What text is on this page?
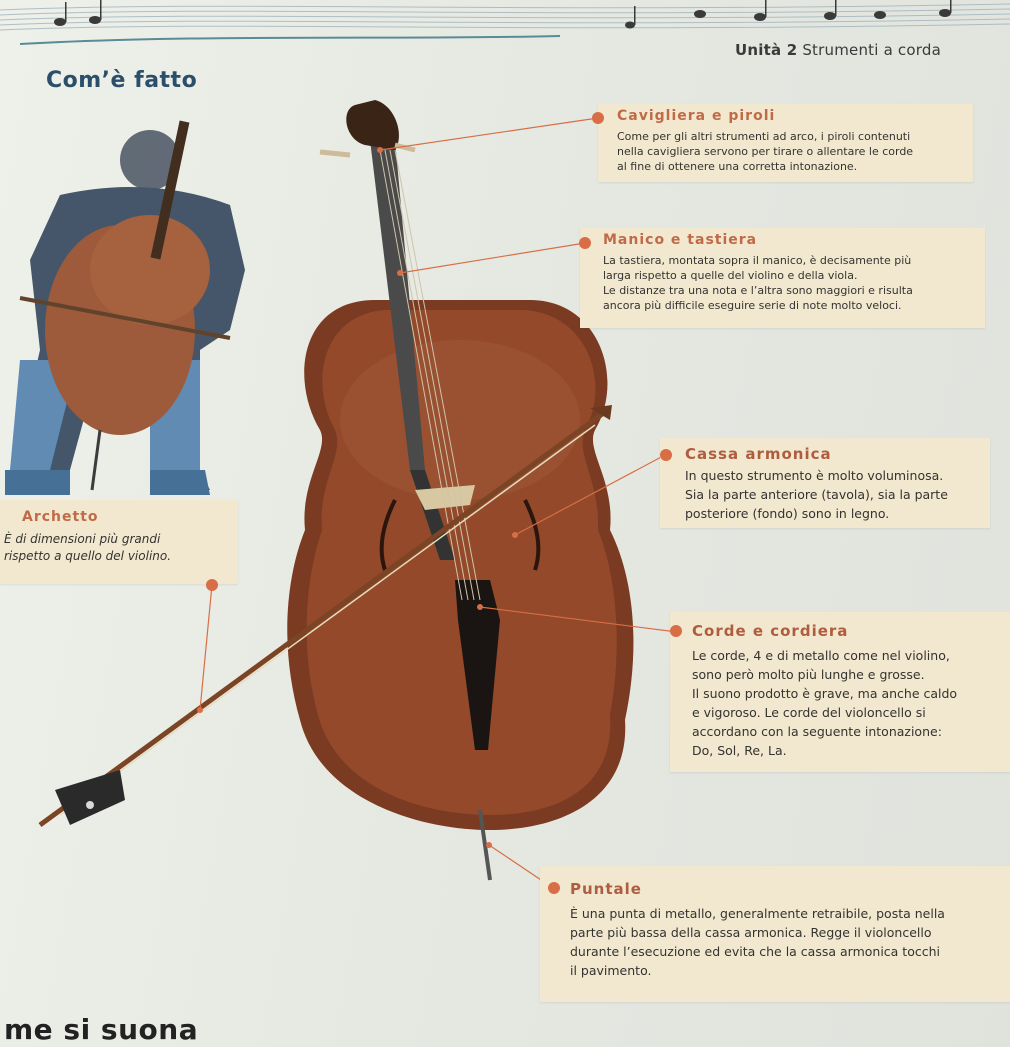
Unità 2 Strumenti a corda
Com’è fatto
Cavigliera e piroli
Come per gli altri strumenti ad arco, i piroli contenuti
nella cavigliera servono per tirare o allentare le corde
al fine di ottenere una corretta intonazione.
Manico e tastiera
La tastiera, montata sopra il manico, è decisamente più
larga rispetto a quelle del violino e della viola.
Le distanze tra una nota e l’altra sono maggiori e risulta
ancora più difficile eseguire serie di note molto veloci.
Cassa armonica
In questo strumento è molto voluminosa.
Sia la parte anteriore (tavola), sia la parte
posteriore (fondo) sono in legno.
Archetto
È di dimensioni più grandi
rispetto a quello del violino.
Corde e cordiera
Le corde, 4 e di metallo come nel violino,
sono però molto più lunghe e grosse.
Il suono prodotto è grave, ma anche caldo
e vigoroso. Le corde del violoncello si
accordano con la seguente intonazione:
Do, Sol, Re, La.
Puntale
È una punta di metallo, generalmente retraibile, posta nella
parte più bassa della cassa armonica. Regge il violoncello
durante l’esecuzione ed evita che la cassa armonica tocchi
il pavimento.
me si suona
